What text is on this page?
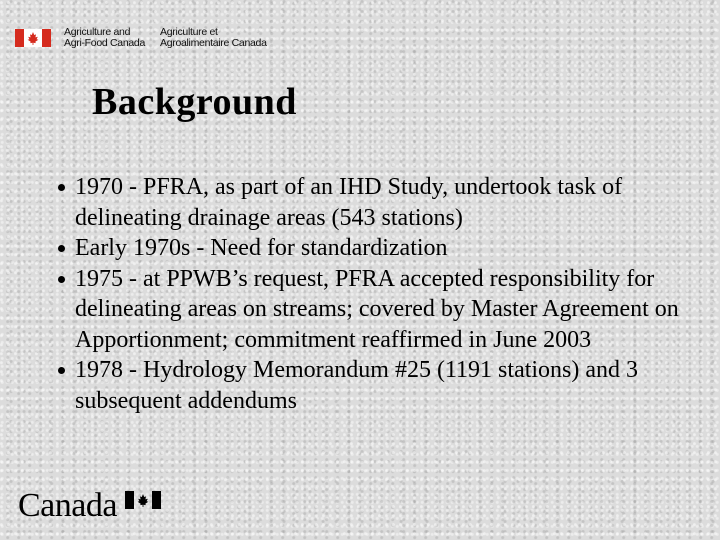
Agriculture and
Agri-Food Canada
Agriculture et
Agroalimentaire Canada
Background
1970 - PFRA, as part of an IHD Study, undertook task of delineating drainage areas (543 stations)
Early 1970s - Need for standardization
1975 - at PPWB’s request, PFRA accepted responsibility for delineating areas on streams; covered by Master Agreement on Apportionment; commitment reaffirmed in June 2003
1978 - Hydrology Memorandum #25 (1191 stations) and 3 subsequent addendums
Canada
